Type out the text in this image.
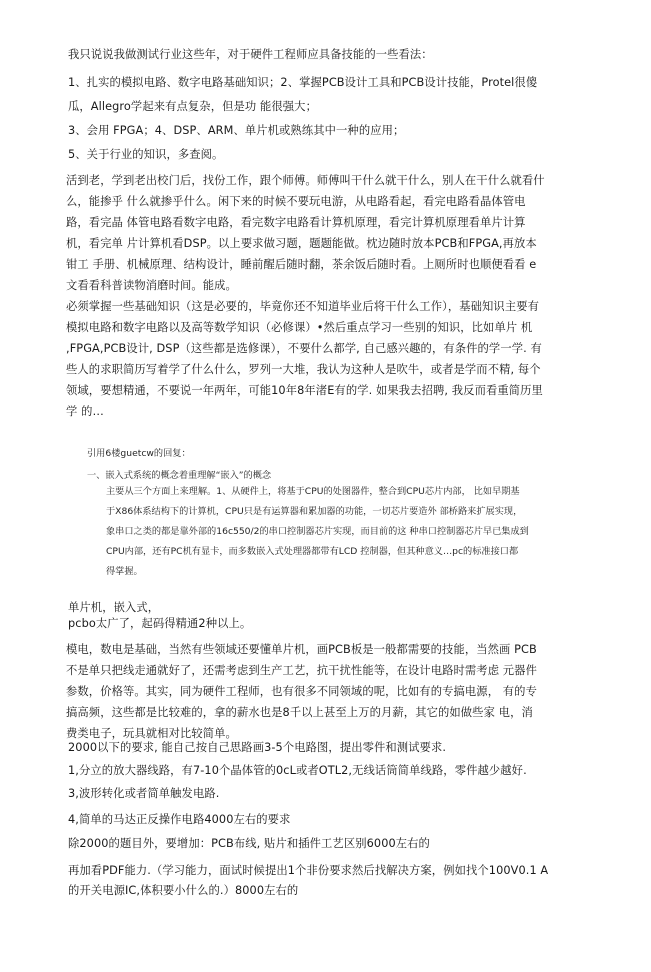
我只说说我做测试行业这些年，对于硬件工程师应具备技能的一些看法：
1、扎实的模拟电路、数字电路基础知识；2、掌握PCB设计工具和PCB设计技能，Protel很傻
瓜，Allegro学起来有点复杂，但是功 能很强大；
3、会用 FPGA；4、DSP、ARM、单片机或熟练其中一种的应用；
5、关于行业的知识，多查阅。
活到老，学到老出校门后，找份工作，跟个师傅。师傅叫干什么就干什么，别人在干什么就看什
么，能掺乎 什么就掺乎什么。闲下来的时候不要玩电游，从电路看起，看完电路看晶体管电
路，看完晶 体管电路看数字电路，看完数字电路看计算机原理，看完计算机原理看单片计算
机，看完单 片计算机看DSP。以上要求做习题，题题能做。枕边随时放本PCB和FPGA,再放本
钳工 手册、机械原理、结构设计，睡前醒后随时翻，茶余饭后随时看。上厕所时也顺便看看 e
文看看科普读物消磨时间。能成。
必须掌握一些基础知识（这是必要的，毕竟你还不知道毕业后将干什么工作），基础知识主要有
模拟电路和数字电路以及高等数学知识（必修课）•然后重点学习一些别的知识，比如单片 机
,FPGA,PCB设计, DSP（这些都是选修课），不要什么都学, 自己感兴趣的，有条件的学一学. 有
些人的求职简历写着学了什么什么，罗列一大堆，我认为这种人是吹牛，或者是学而不精, 每个
领域，要想精通，不要说一年两年，可能10年8年渚E有的学. 如果我去招聘, 我反而看重简历里
学 的…
引用6楼guetcw的回复：
一、嵌入式系统的概念着重理解“嵌入”的概念
主要从三个方面上来理解。1、从硬件上，将基于CPU的处图器件，整合到CPU芯片内部， 比如早期基
于X86体系结构下的计算机，CPU只是有运算器和累加器的功能，一切芯片要造外 部桥路来扩展实现，
象串口之类的都是靠外部的16c550/2的串口控制器芯片实现，而目前的这 种串口控制器芯片早已集成到
CPU内部，还有PC机有显卡，而多数嵌入式处理器都带有LCD 控制器，但其种意义…pc的标准接口都
得掌握。
单片机，嵌入式，
pcbo太广了，起码得精通2种以上。
模电，数电是基础，当然有些领域还要懂单片机，画PCB板是一般都需要的技能，当然画 PCB
不是单只把线走通就好了，还需考虑到生产工艺，抗干扰性能等，在设计电路时需考虑 元器件
参数，价格等。其实，同为硬件工程师，也有很多不同领域的呢，比如有的专搞电源， 有的专
搞高频，这些都是比较难的，拿的薪水也是8千以上甚至上万的月薪，其它的如做些家 电，消
费类电子，玩具就相对比较简单。
2000以下的要求, 能自己按自己思路画3-5个电路图，提出零件和测试要求.
1,分立的放大器线路，有7-10个晶体管的0cL或者OTL2,无线话筒简单线路，零件越少越好.
3,波形转化或者简单触发电路.
4,简单的马达正反操作电路4000左右的要求
除2000的题目外，要增加：PCB布线, 贴片和插件工艺区别6000左右的
再加看PDF能力.（学习能力，面试时候提出1个非份要求然后找解决方案，例如找个100V0.1 A
的开关电源IC,体积要小什么的.）8000左右的
